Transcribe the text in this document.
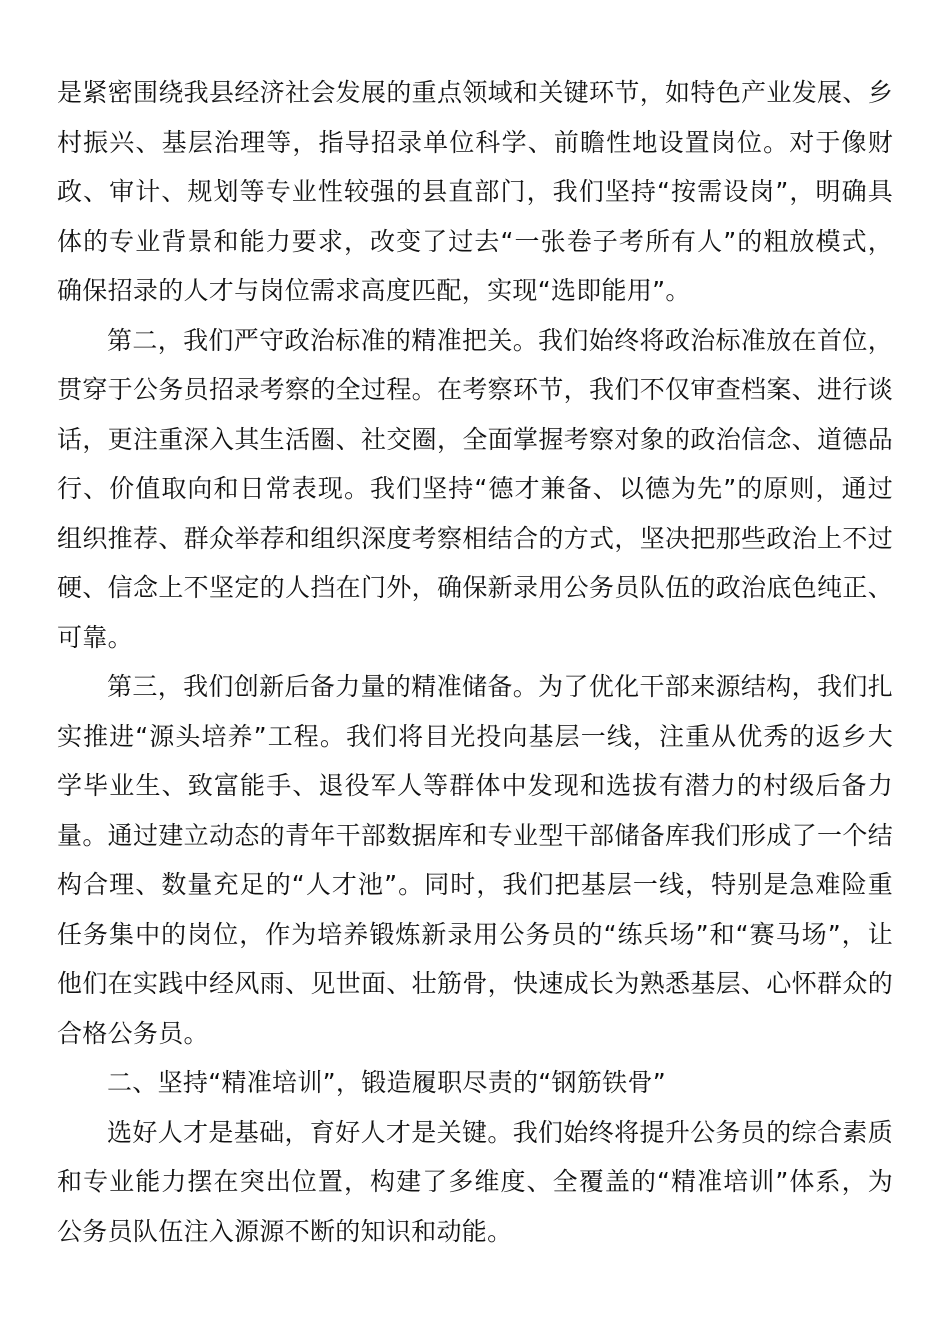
是紧密围绕我县经济社会发展的重点领域和关键环节，如特色产业发展、乡村振兴、基层治理等，指导招录单位科学、前瞻性地设置岗位。对于像财政、审计、规划等专业性较强的县直部门，我们坚持“按需设岗”，明确具体的专业背景和能力要求，改变了过去“一张卷子考所有人”的粗放模式，确保招录的人才与岗位需求高度匹配，实现“选即能用”。

第二，我们严守政治标准的精准把关。我们始终将政治标准放在首位，贯穿于公务员招录考察的全过程。在考察环节，我们不仅审查档案、进行谈话，更注重深入其生活圈、社交圈，全面掌握考察对象的政治信念、道德品行、价值取向和日常表现。我们坚持“德才兼备、以德为先”的原则，通过组织推荐、群众举荐和组织深度考察相结合的方式，坚决把那些政治上不过硬、信念上不坚定的人挡在门外，确保新录用公务员队伍的政治底色纯正、可靠。

第三，我们创新后备力量的精准储备。为了优化干部来源结构，我们扎实推进“源头培养”工程。我们将目光投向基层一线，注重从优秀的返乡大学毕业生、致富能手、退役军人等群体中发现和选拔有潜力的村级后备力量。通过建立动态的青年干部数据库和专业型干部储备库我们形成了一个结构合理、数量充足的“人才池”。同时，我们把基层一线，特别是急难险重任务集中的岗位，作为培养锻炼新录用公务员的“练兵场”和“赛马场”，让他们在实践中经风雨、见世面、壮筋骨，快速成长为熟悉基层、心怀群众的合格公务员。

二、坚持“精准培训”，锻造履职尽责的“钢筋铁骨”

选好人才是基础，育好人才是关键。我们始终将提升公务员的综合素质和专业能力摆在突出位置，构建了多维度、全覆盖的“精准培训”体系，为公务员队伍注入源源不断的知识和动能。
